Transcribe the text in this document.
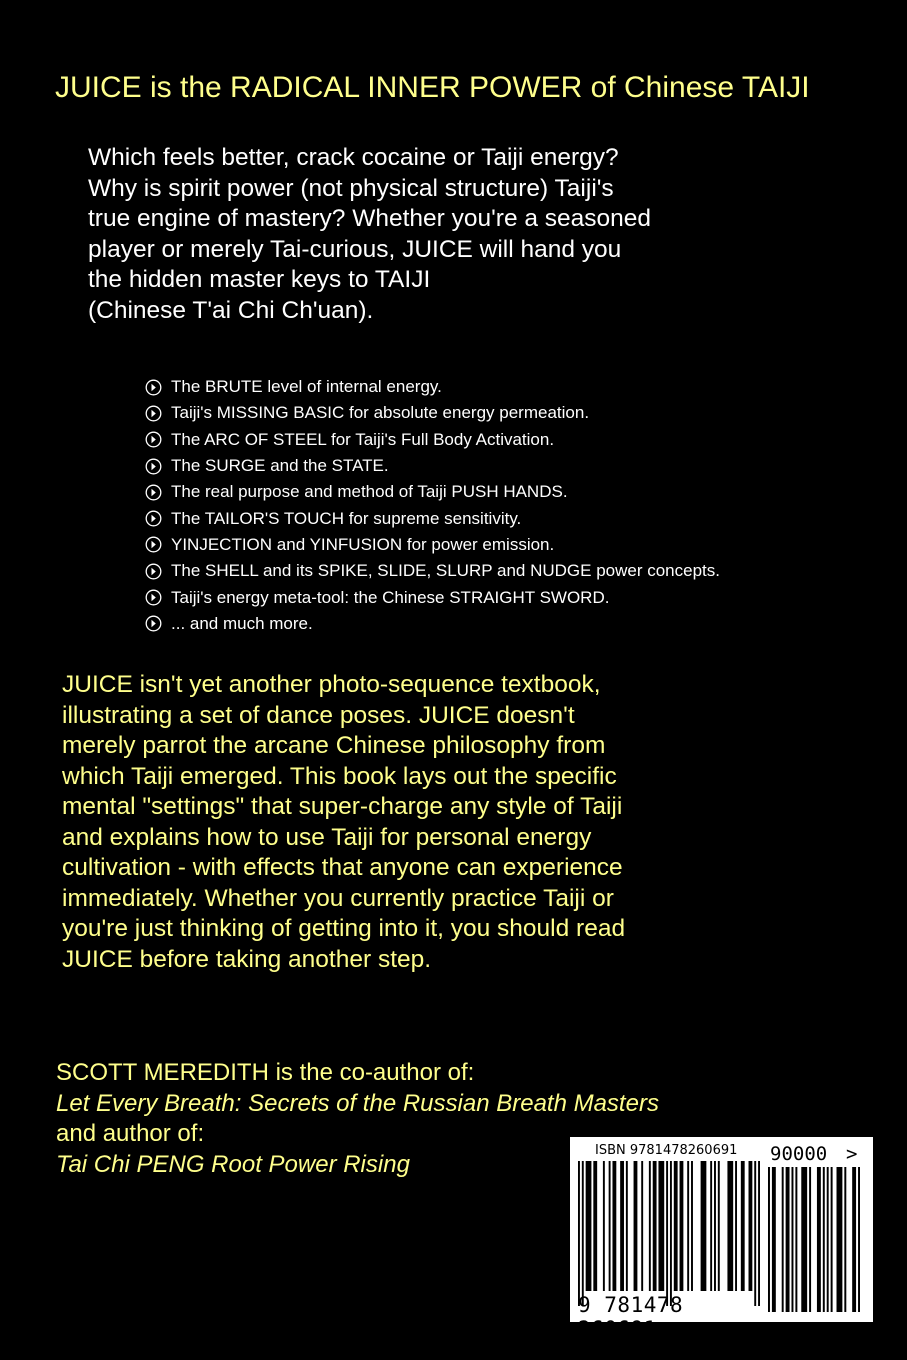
JUICE is the RADICAL INNER POWER of Chinese TAIJI
Which feels better, crack cocaine or Taiji energy?
Why is spirit power (not physical structure) Taiji's
true engine of mastery? Whether you're a seasoned
player or merely Tai-curious, JUICE will hand you
the hidden master keys to TAIJI
(Chinese T'ai Chi Ch'uan).
The BRUTE level of internal energy.
Taiji's MISSING BASIC for absolute energy permeation.
The ARC OF STEEL for Taiji's Full Body Activation.
The SURGE and the STATE.
The real purpose and method of Taiji PUSH HANDS.
The TAILOR'S TOUCH for supreme sensitivity.
YINJECTION and YINFUSION for power emission.
The SHELL and its SPIKE, SLIDE, SLURP and NUDGE power concepts.
Taiji's energy meta-tool: the Chinese STRAIGHT SWORD.
... and much more.
JUICE isn't yet another photo-sequence textbook,
illustrating a set of dance poses. JUICE doesn't
merely parrot the arcane Chinese philosophy from
which Taiji emerged. This book lays out the specific
mental "settings" that super-charge any style of Taiji
and explains how to use Taiji for personal energy
cultivation - with effects that anyone can experience
immediately. Whether you currently practice Taiji or
you're just thinking of getting into it, you should read
JUICE before taking another step.
SCOTT MEREDITH is the co-author of:
Let Every Breath: Secrets of the Russian Breath Masters
and author of:
Tai Chi PENG Root Power Rising	ISBN 9781478260691
9 781478 260691
90000 >
